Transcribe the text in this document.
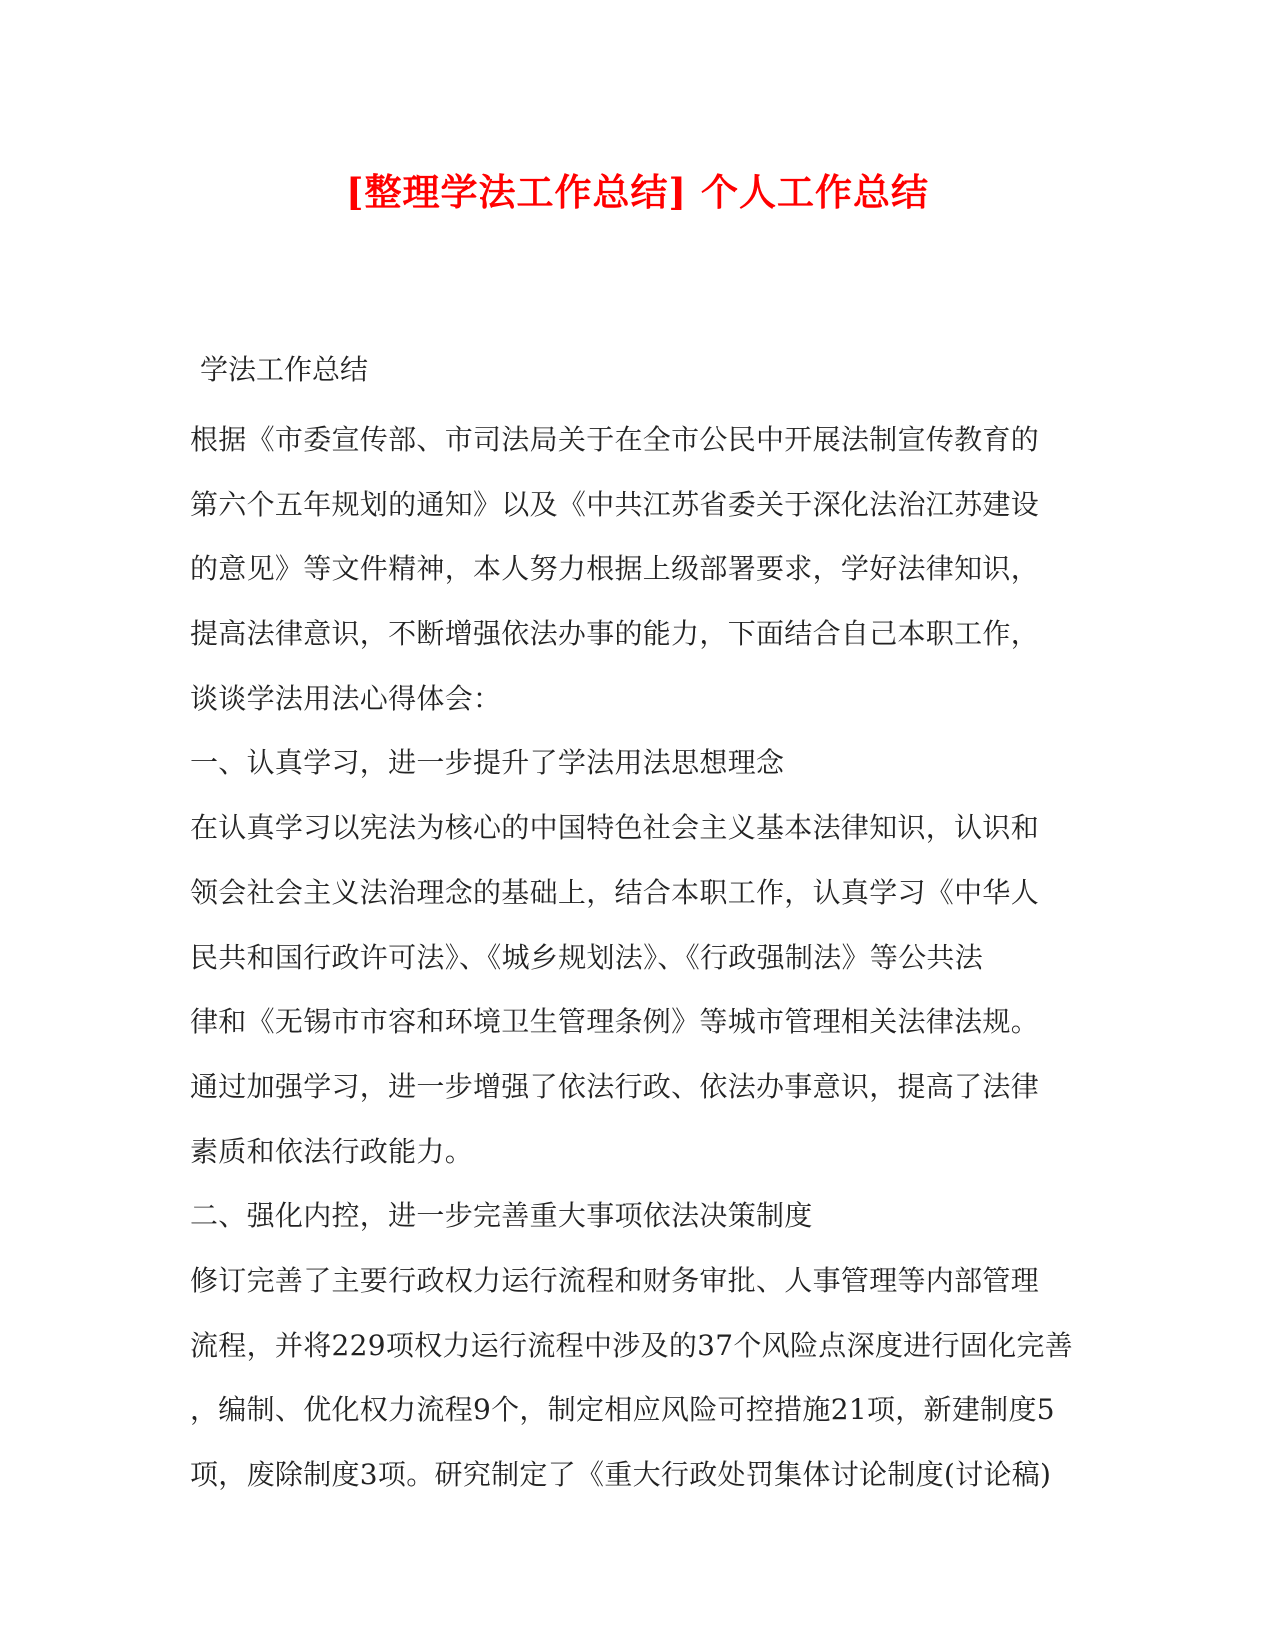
[整理学法工作总结] 个人工作总结
学法工作总结
根据《市委宣传部、市司法局关于在全市公民中开展法制宣传教育的
第六个五年规划的通知》以及《中共江苏省委关于深化法治江苏建设
的意见》等文件精神，本人努力根据上级部署要求，学好法律知识，
提高法律意识，不断增强依法办事的能力，下面结合自己本职工作，
谈谈学法用法心得体会：
一、认真学习，进一步提升了学法用法思想理念
在认真学习以宪法为核心的中国特色社会主义基本法律知识，认识和
领会社会主义法治理念的基础上，结合本职工作，认真学习《中华人
民共和国行政许可法》、《城乡规划法》、《行政强制法》等公共法
律和《无锡市市容和环境卫生管理条例》等城市管理相关法律法规。
通过加强学习，进一步增强了依法行政、依法办事意识，提高了法律
素质和依法行政能力。
二、强化内控，进一步完善重大事项依法决策制度
修订完善了主要行政权力运行流程和财务审批、人事管理等内部管理
流程，并将229项权力运行流程中涉及的37个风险点深度进行固化完善
，编制、优化权力流程9个，制定相应风险可控措施21项，新建制度5
项，废除制度3项。研究制定了《重大行政处罚集体讨论制度(讨论稿)
